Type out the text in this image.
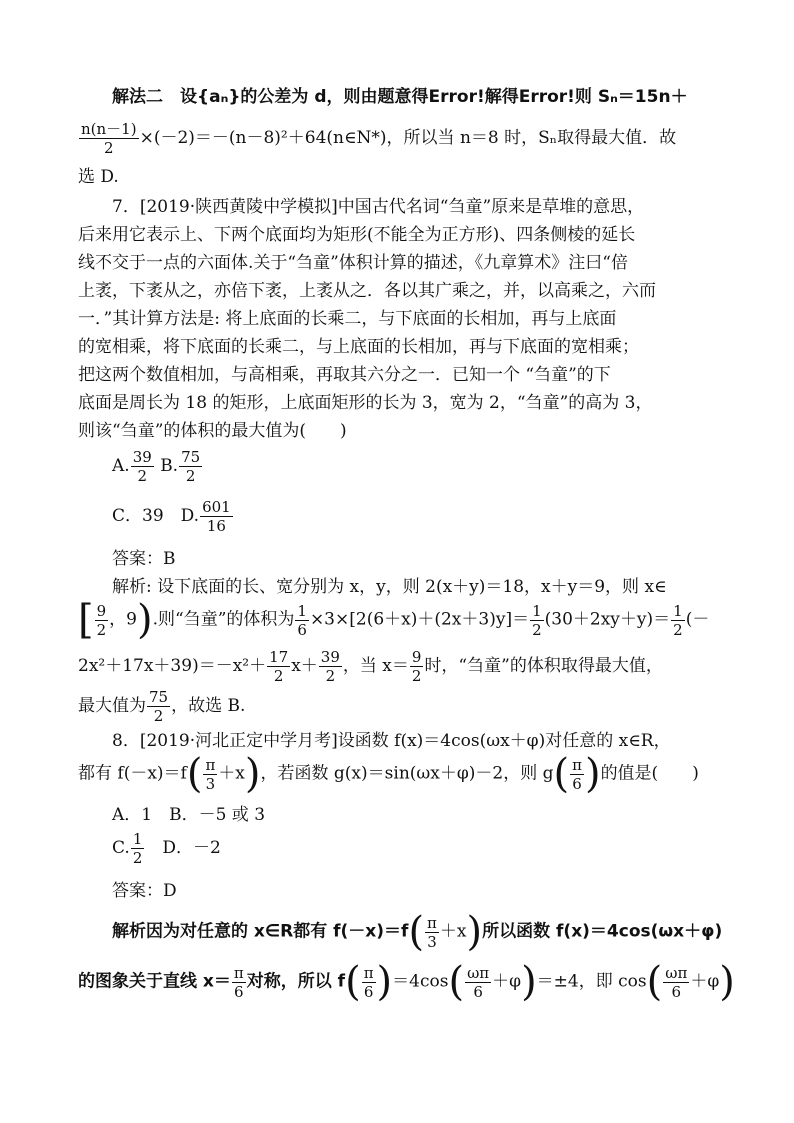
解法二　设{aₙ}的公差为 d，则由题意得Error!解得Error!则 Sₙ＝15n＋
$\frac{n(n-1)}{2}$ ×(－2)＝－(n－8)²＋64(n∈N*)，所以当 n＝8 时，Sₙ取得最大值．故
选 D.
7．[2019·陕西黄陵中学模拟]中国古代名词“刍童”原来是草堆的意思，
后来用它表示上、下两个底面均为矩形(不能全为正方形)、四条侧棱的延长
线不交于一点的六面体.关于“刍童”体积计算的描述，《九章算术》注曰“倍
上袤，下袤从之，亦倍下袤，上袤从之．各以其广乘之，并，以高乘之，六而
一．”其计算方法是: 将上底面的长乘二，与下底面的长相加，再与上底面
的宽相乘，将下底面的长乘二，与上底面的长相加，再与下底面的宽相乘；
把这两个数值相加，与高相乘，再取其六分之一．已知一个 “刍童”的下
底面是周长为 18 的矩形，上底面矩形的长为 3，宽为 2，“刍童”的高为 3，
则该“刍童”的体积的最大值为(　　)
A. $\frac{39}{2} B$. $\frac{75}{2}$
C．39　 D. $\frac{601}{16}$
答案：B
解析: 设下底面的长、宽分别为 x，y，则 2(x＋y)＝18，x＋y＝9，则 x∈
[ $\frac{9}{2}$ ，9).则“刍童”的体积为 $\frac{1}{6} \times 3\times[2(6+x)+(2x+3)y]= \frac{1}{2} (30+2xy+y)= \frac{1}{2}$ (－
$2x^2+17x+39)=-x^2+ \frac{17}{2} x+ \frac{39}{2}$ ，当 $x= \frac{9}{2}$ 时，“刍童”的体积取得最大值，
最大值为 $\frac{75}{2}$ ，故选 B.
8．[2019·河北正定中学月考]设函数 f(x)＝4cos(ωx＋φ)对任意的 x∈R，
都有 $f(-x)=f( \frac{\pi}{3} +x)$，若函数 g(x)＝sin(ωx＋φ)－2，则 $g( \frac{\pi}{6}$ )的值是(　　)
A．1　B．－5 或 3
C. $\frac{1}{2}$
　 D．－2
答案：D
解析因为对任意的 x∈R都有 $f(-x)=f( \frac{\pi}{3} +x)$所以函数 f(x)＝4cos(ωx＋φ)
的图象关于直线 $x= \frac{\pi}{6}$ 对称，所以 $f( \frac{\pi}{6} )=4\cos( \frac{\omega\pi}{6} +\varphi)=\pm 4$，即 $\cos( \frac{\omega\pi}{6} +\varphi)$
